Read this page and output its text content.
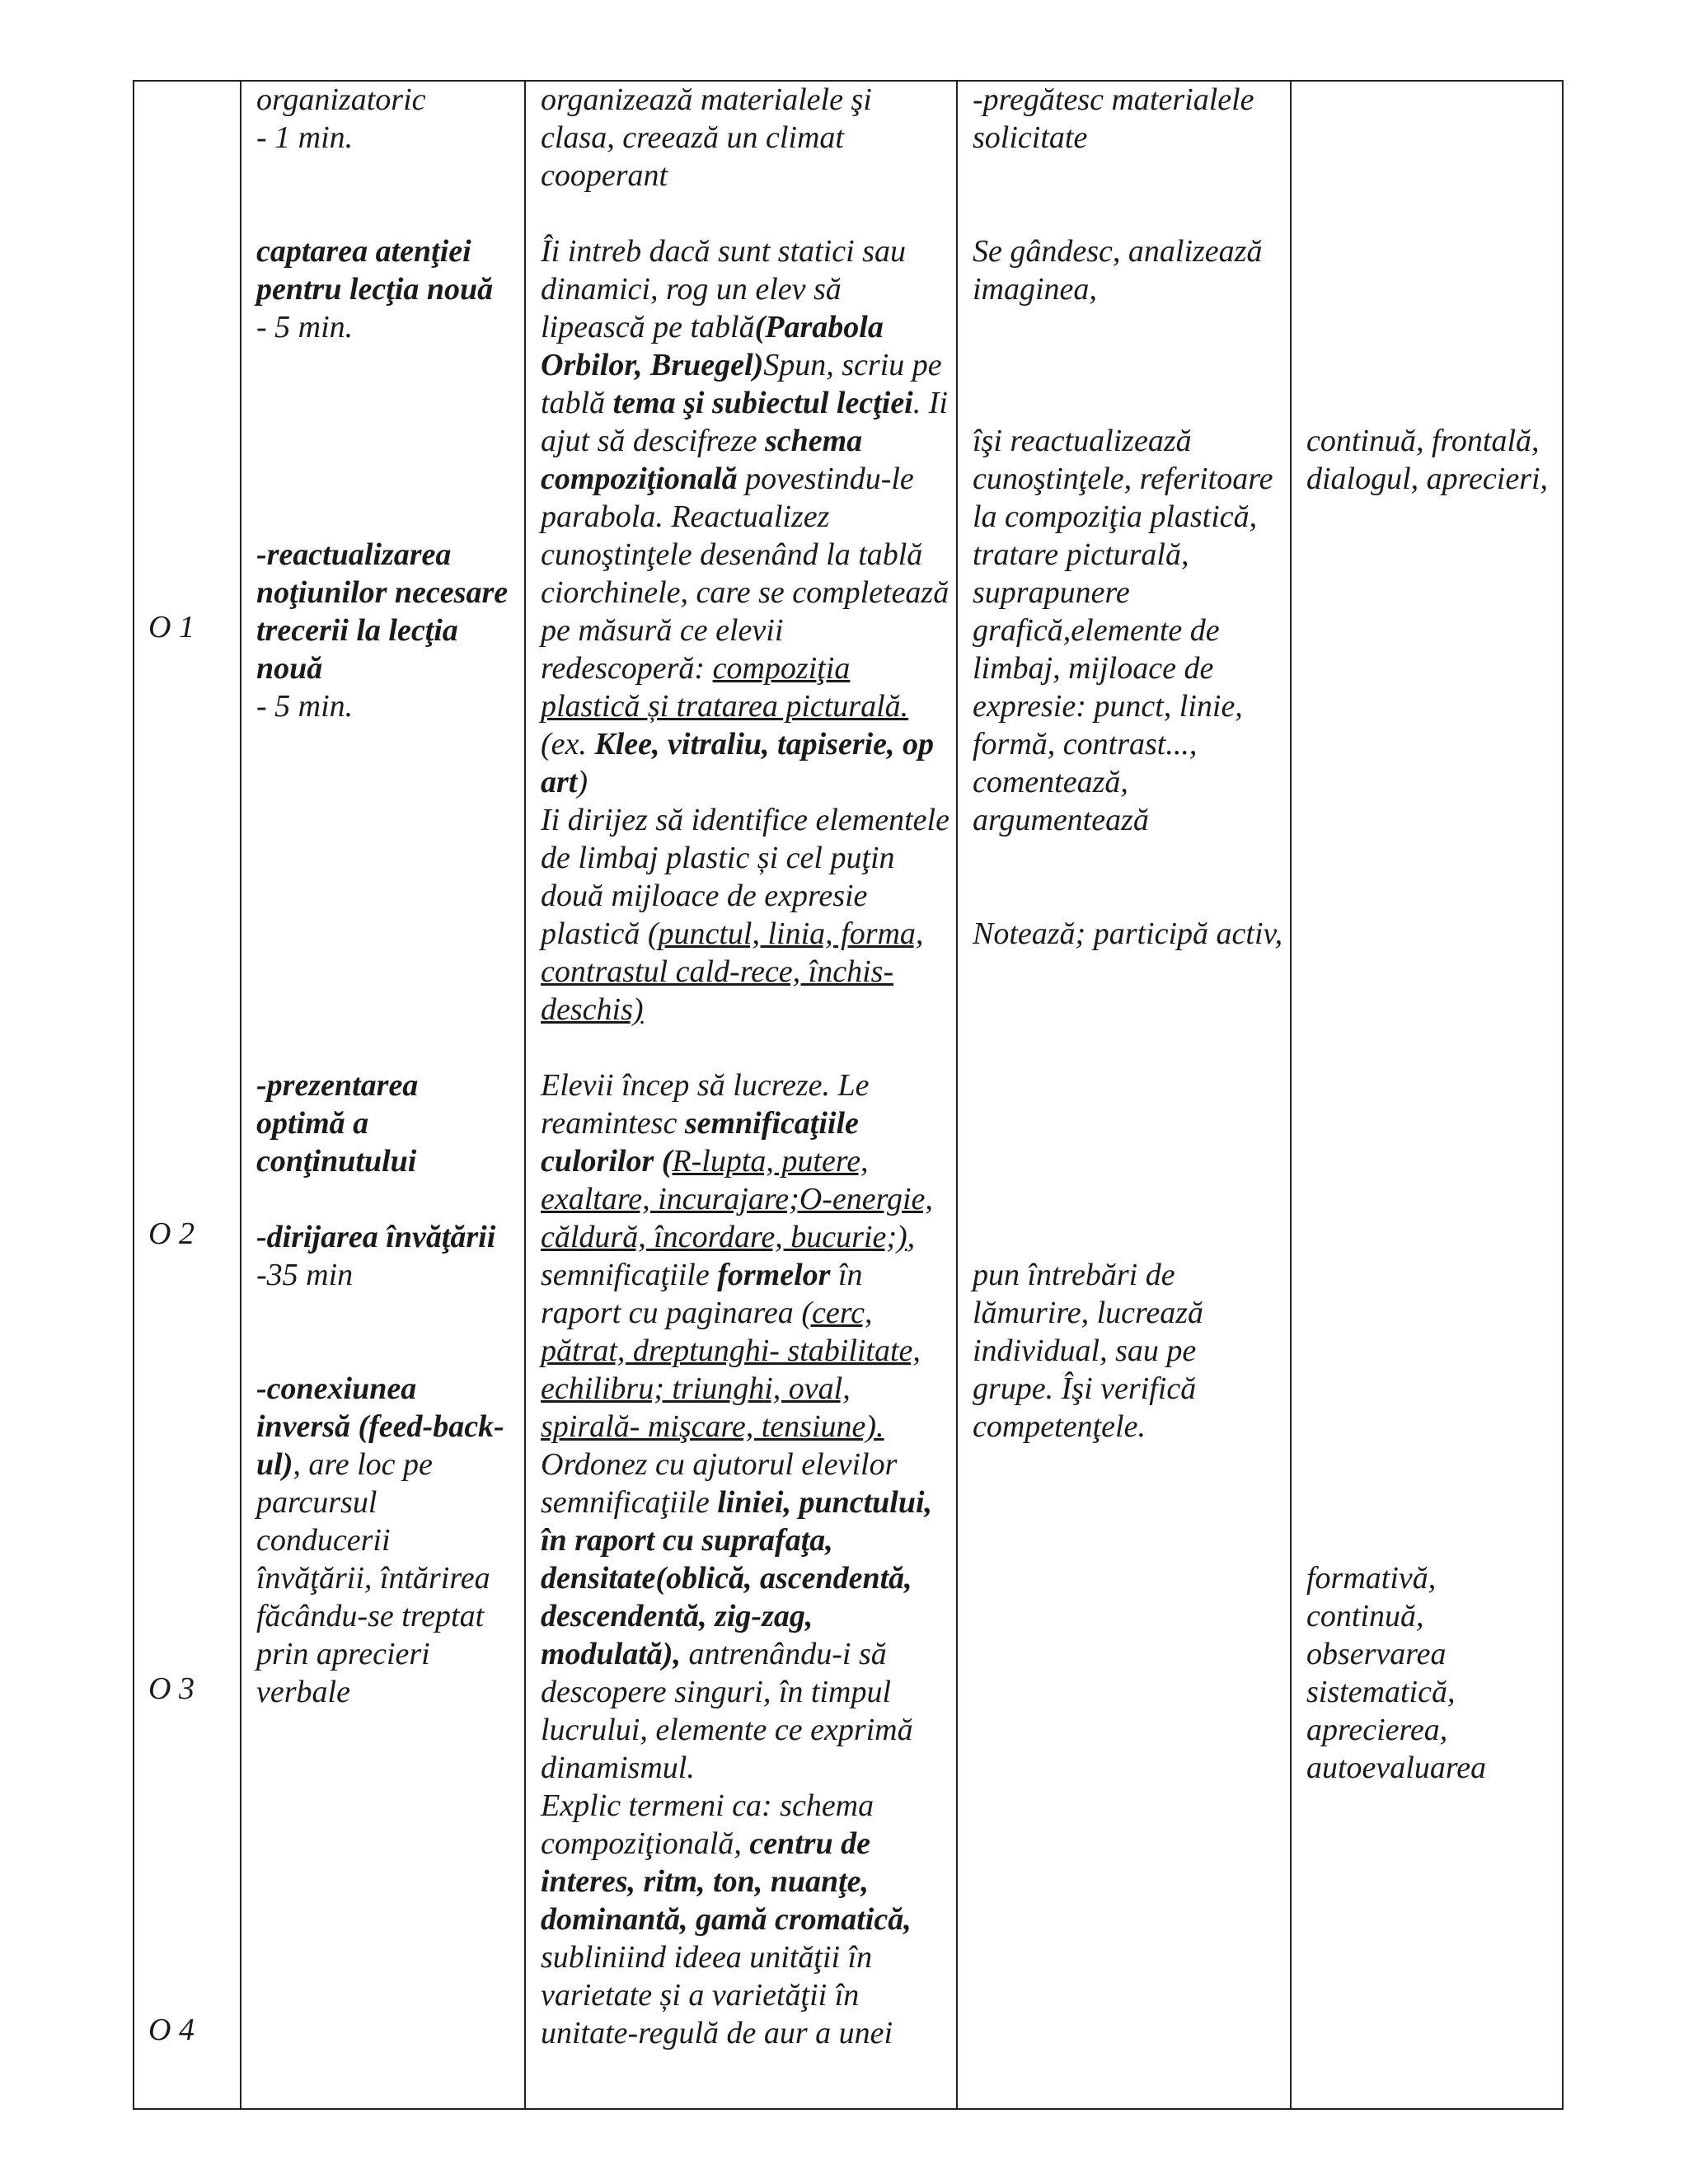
O 1
O 2
O 3
O 4

organizatoric

- 1 min.

captarea atenţiei pentru lecţia nouă

- 5 min.

-reactualizarea noţiunilor necesare trecerii la lecţia nouă

- 5 min.

-prezentarea optimă a conţinutului

-dirijarea învăţării

-35 min

-conexiunea inversă (feed-back-ul), are loc pe parcursul conducerii învăţării, întărirea făcându-se treptat prin aprecieri verbale

organizează materialele şi clasa, creează un climat cooperant

Îi intreb dacă sunt statici sau dinamici, rog un elev să lipească pe tablă(Parabola Orbilor, Bruegel)Spun, scriu pe tablă tema şi subiectul lecţiei. Ii ajut să descifreze schema compoziţională povestindu-le parabola. Reactualizez cunoştinţele desenând la tablă ciorchinele, care se completează pe măsură ce elevii redescoperă: compoziţia plastică și tratarea picturală. (ex. Klee, vitraliu, tapiserie, op art)

Ii dirijez să identifice elementele de limbaj plastic și cel puţin două mijloace de expresie plastică (punctul, linia, forma, contrastul cald-rece, închis-deschis)

Elevii încep să lucreze. Le reamintesc semnificaţiile culorilor (R-lupta, putere, exaltare, incurajare;O-energie, căldură, încordare, bucurie;), semnificaţiile formelor în raport cu paginarea (cerc, pătrat, dreptunghi- stabilitate, echilibru; triunghi, oval, spirală- mişcare, tensiune). Ordonez cu ajutorul elevilor semnificaţiile liniei, punctului, în raport cu suprafaţa, densitate(oblică, ascendentă, descendentă, zig-zag, modulată), antrenându-i să descopere singuri, în timpul lucrului, elemente ce exprimă dinamismul.

Explic termeni ca: schema compoziţională, centru de interes, ritm, ton, nuanţe, dominantă, gamă cromatică, subliniind ideea unităţii în varietate și a varietăţii în unitate-regulă de aur a unei

-pregătesc materialele solicitate

Se gândesc, analizează imaginea,

îşi reactualizează cunoştinţele, referitoare la compoziţia plastică, tratare picturală, suprapunere grafică,elemente de limbaj, mijloace de expresie: punct, linie, formă, contrast..., comentează, argumentează

Notează; participă activ,

pun întrebări de lămurire, lucrează individual, sau pe grupe. Îşi verifică competenţele.

continuă, frontală, dialogul, aprecieri,

formativă, continuă, observarea sistematică, aprecierea, autoevaluarea
